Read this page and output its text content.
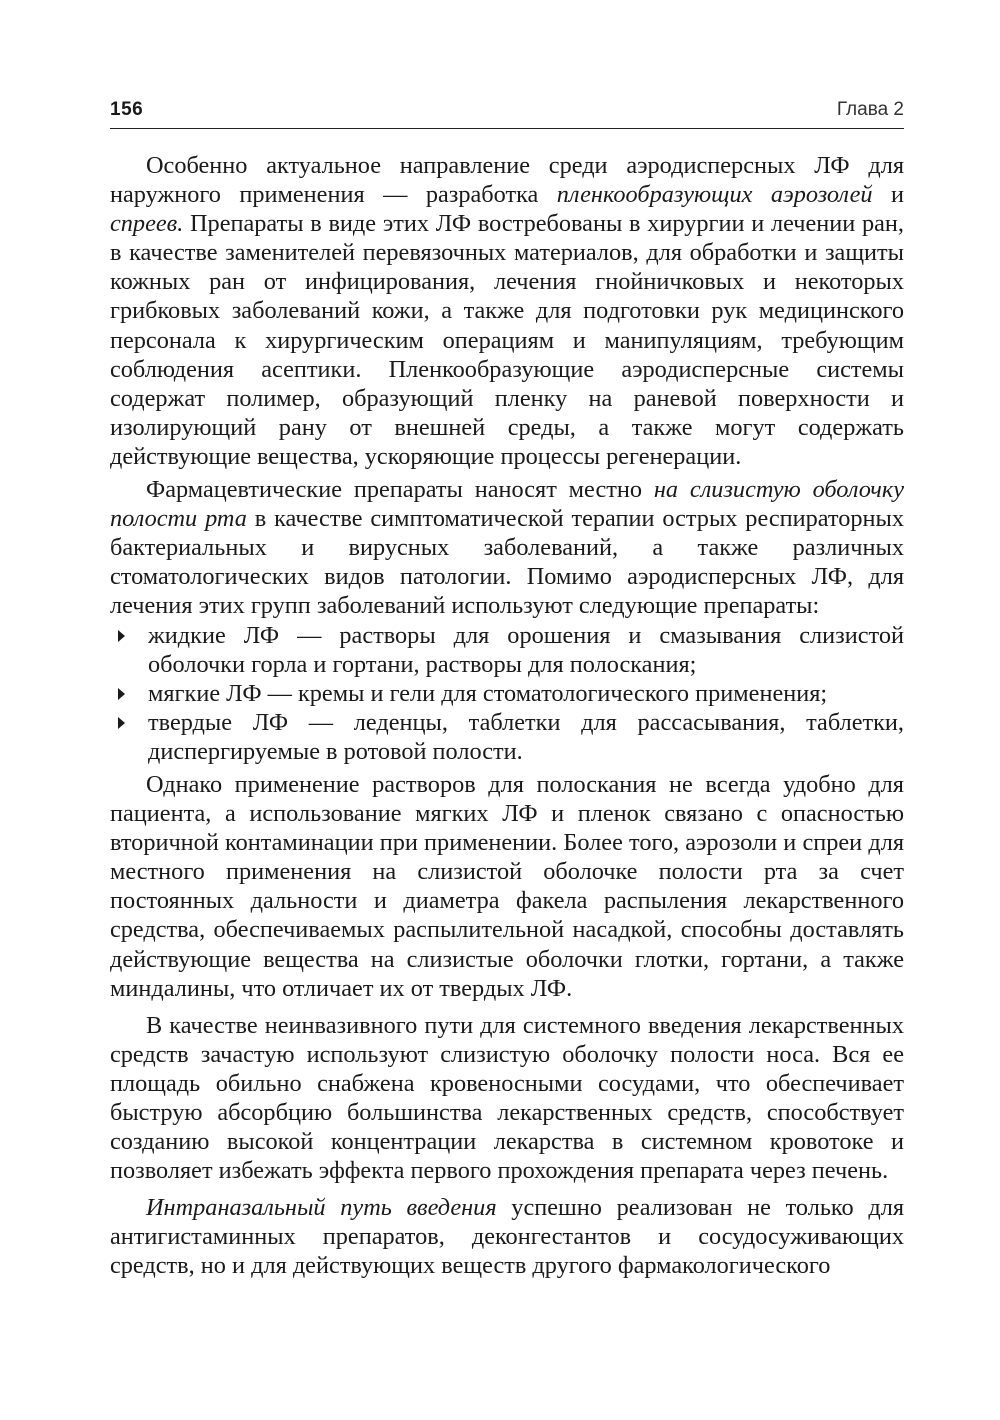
156	Глава 2

Особенно актуальное направление среди аэродисперсных ЛФ для наружного применения — разработка пленкообразующих аэрозолей и спреев. Препараты в виде этих ЛФ востребованы в хирургии и лечении ран, в качестве заменителей перевязочных материалов, для обработки и защиты кожных ран от инфицирования, лечения гнойничковых и некоторых грибковых заболеваний кожи, а также для подготовки рук медицинского персонала к хирургическим операциям и манипуляциям, требующим соблюдения асептики. Пленкообразующие аэродисперсные системы содержат полимер, образующий пленку на раневой поверхности и изолирующий рану от внешней среды, а также могут содержать действующие вещества, ускоряющие процессы регенерации.

Фармацевтические препараты наносят местно на слизистую оболочку полости рта в качестве симптоматической терапии острых респираторных бактериальных и вирусных заболеваний, а также различных стоматологических видов патологии. Помимо аэродисперсных ЛФ, для лечения этих групп заболеваний используют следующие препараты:

жидкие ЛФ — растворы для орошения и смазывания слизистой оболочки горла и гортани, растворы для полоскания;
мягкие ЛФ — кремы и гели для стоматологического применения;
твердые ЛФ — леденцы, таблетки для рассасывания, таблетки, диспергируемые в ротовой полости.

Однако применение растворов для полоскания не всегда удобно для пациента, а использование мягких ЛФ и пленок связано с опасностью вторичной контаминации при применении. Более того, аэрозоли и спреи для местного применения на слизистой оболочке полости рта за счет постоянных дальности и диаметра факела распыления лекарственного средства, обеспечиваемых распылительной насадкой, способны доставлять действующие вещества на слизистые оболочки глотки, гортани, а также миндалины, что отличает их от твердых ЛФ.

В качестве неинвазивного пути для системного введения лекарственных средств зачастую используют слизистую оболочку полости носа. Вся ее площадь обильно снабжена кровеносными сосудами, что обеспечивает быструю абсорбцию большинства лекарственных средств, способствует созданию высокой концентрации лекарства в системном кровотоке и позволяет избежать эффекта первого прохождения препарата через печень.

Интраназальный путь введения успешно реализован не только для антигистаминных препаратов, деконгестантов и сосудосуживающих средств, но и для действующих веществ другого фармакологического
